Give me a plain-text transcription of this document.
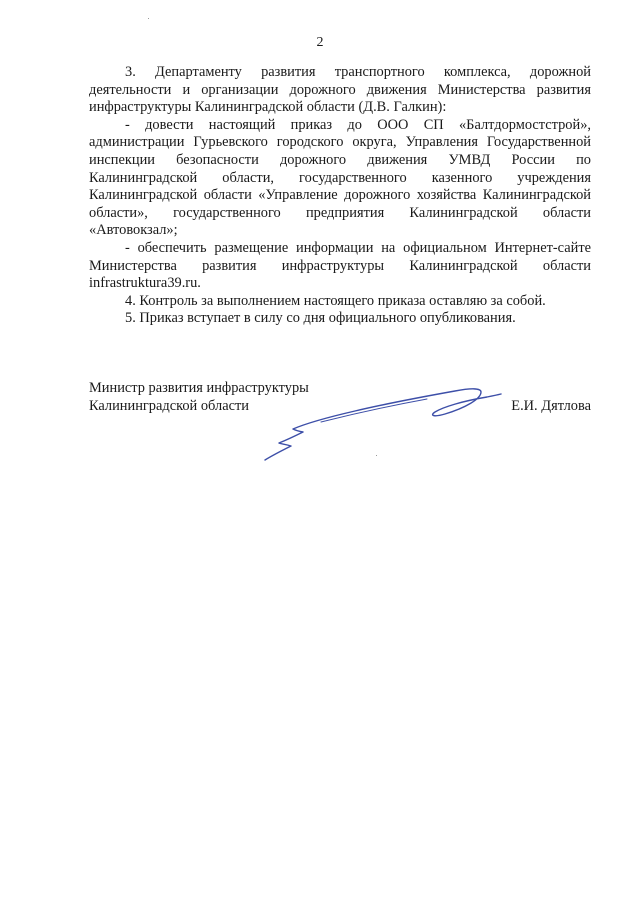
2

3. Департаменту развития транспортного комплекса, дорожной деятельности и организации дорожного движения Министерства развития инфраструктуры Калининградской области (Д.В. Галкин):

- довести настоящий приказ до ООО СП «Балтдормостстрой», администрации Гурьевского городского округа, Управления Государственной инспекции безопасности дорожного движения УМВД России по Калининградской области, государственного казенного учреждения Калининградской области «Управление дорожного хозяйства Калининградской области», государственного предприятия Калининградской области «Автовокзал»;

- обеспечить размещение информации на официальном Интернет-сайте Министерства развития инфраструктуры Калининградской области infrastruktura39.ru.

4. Контроль за выполнением настоящего приказа оставляю за собой.

5. Приказ вступает в силу со дня официального опубликования.

Министр развития инфраструктуры
Калининградской области	Е.И. Дятлова
